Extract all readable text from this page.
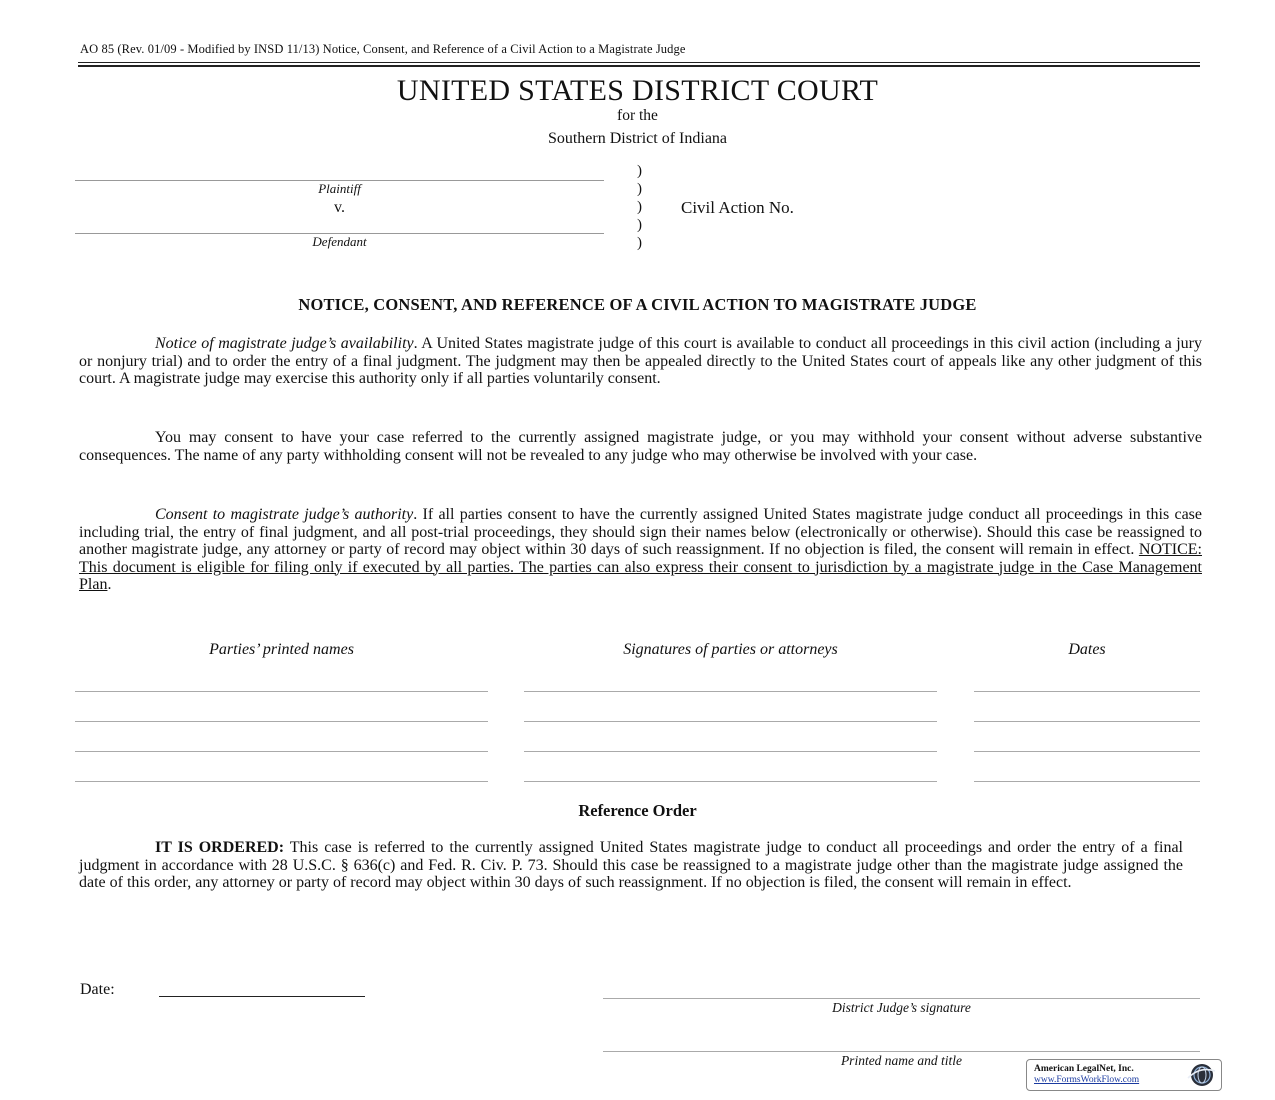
AO 85 (Rev. 01/09 - Modified by INSD 11/13) Notice, Consent, and Reference of a Civil Action to a Magistrate Judge
UNITED STATES DISTRICT COURT
for the
Southern District of Indiana
Plaintiff
v.
Defendant
)
)
)
)
)
Civil Action No.
NOTICE, CONSENT, AND REFERENCE OF A CIVIL ACTION TO MAGISTRATE JUDGE
Notice of magistrate judge’s availability. A United States magistrate judge of this court is available to conduct all proceedings in this civil action (including a jury or nonjury trial) and to order the entry of a final judgment. The judgment may then be appealed directly to the United States court of appeals like any other judgment of this court. A magistrate judge may exercise this authority only if all parties voluntarily consent.
You may consent to have your case referred to the currently assigned magistrate judge, or you may withhold your consent without adverse substantive consequences. The name of any party withholding consent will not be revealed to any judge who may otherwise be involved with your case.
Consent to magistrate judge’s authority. If all parties consent to have the currently assigned United States magistrate judge conduct all proceedings in this case including trial, the entry of final judgment, and all post-trial proceedings, they should sign their names below (electronically or otherwise). Should this case be reassigned to another magistrate judge, any attorney or party of record may object within 30 days of such reassignment. If no objection is filed, the consent will remain in effect. NOTICE: This document is eligible for filing only if executed by all parties. The parties can also express their consent to jurisdiction by a magistrate judge in the Case Management Plan.
Parties’ printed names	Signatures of parties or attorneys	Dates
Reference Order
IT IS ORDERED: This case is referred to the currently assigned United States magistrate judge to conduct all proceedings and order the entry of a final judgment in accordance with 28 U.S.C. § 636(c) and Fed. R. Civ. P. 73. Should this case be reassigned to a magistrate judge other than the magistrate judge assigned the date of this order, any attorney or party of record may object within 30 days of such reassignment. If no objection is filed, the consent will remain in effect.
Date:
District Judge’s signature
Printed name and title
American LegalNet, Inc.
www.FormsWorkFlow.com
